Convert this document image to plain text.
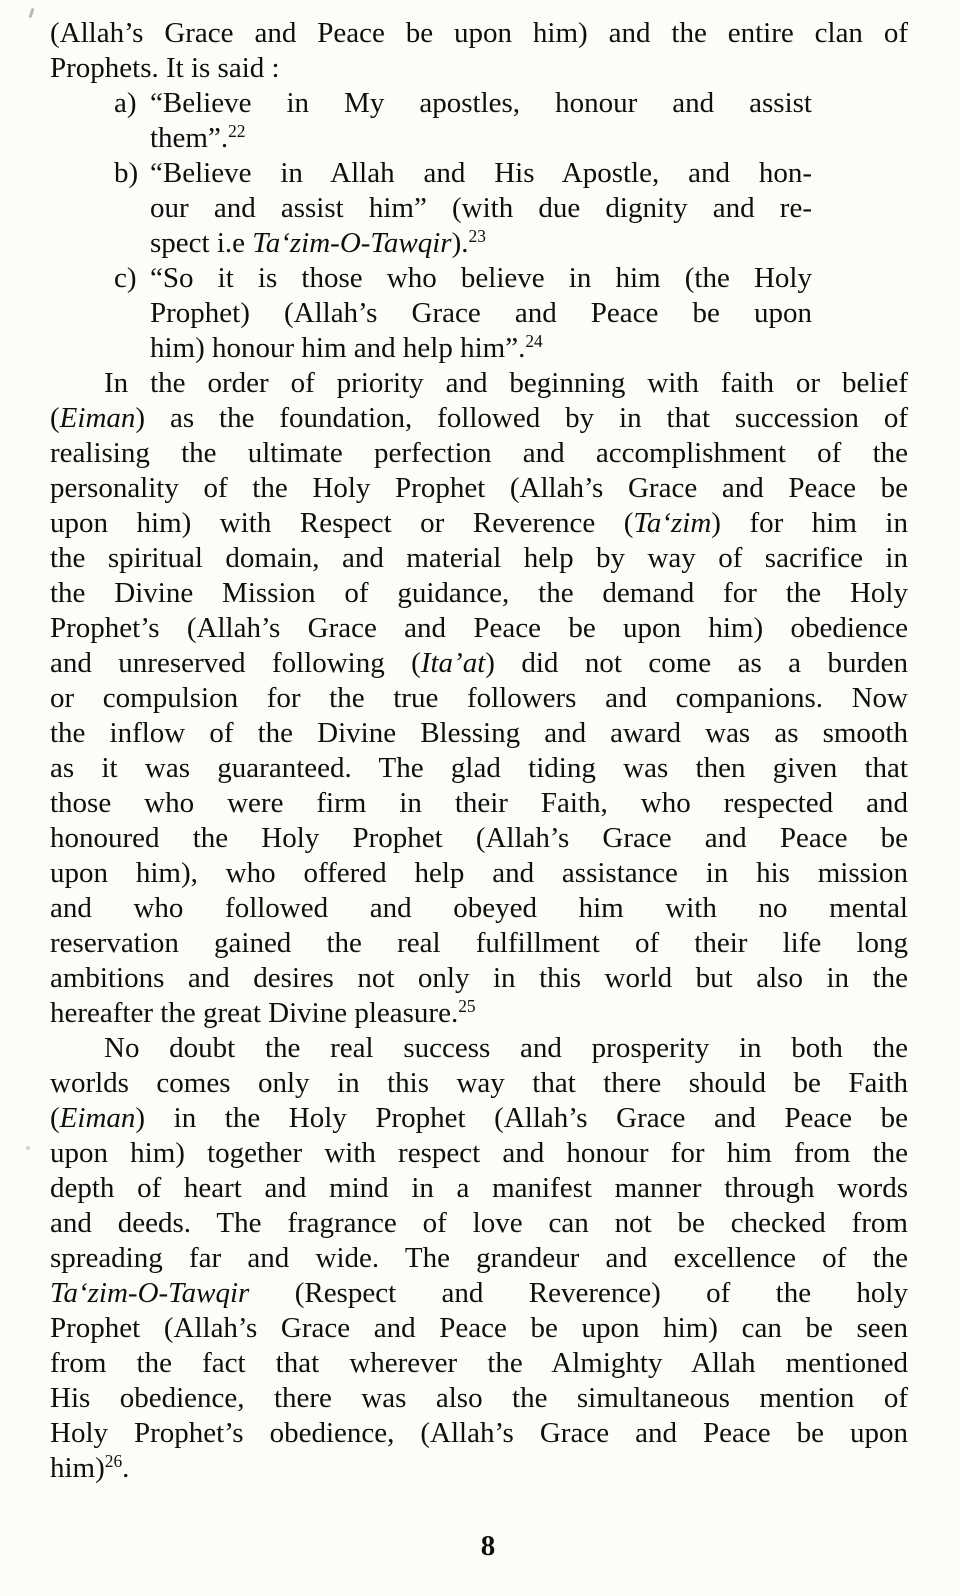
(Allah’s Grace and Peace be upon him) and the entire clan of
Prophets. It is said :
a) “Believe in My apostles, honour and assist
them”.$^{22}$
b) “Believe in Allah and His Apostle, and hon-
our and assist him” (with due dignity and re-
spect i.e Ta‘zim-O-Tawqir).$^{23}$
c) “So it is those who believe in him (the Holy
Prophet) (Allah’s Grace and Peace be upon
him) honour him and help him”.$^{24}$
In the order of priority and beginning with faith or belief
(Eiman) as the foundation, followed by in that succession of
realising the ultimate perfection and accomplishment of the
personality of the Holy Prophet (Allah’s Grace and Peace be
upon him) with Respect or Reverence (Ta‘zim) for him in
the spiritual domain, and material help by way of sacrifice in
the Divine Mission of guidance, the demand for the Holy
Prophet’s (Allah’s Grace and Peace be upon him) obedience
and unreserved following (Ita’at) did not come as a burden
or compulsion for the true followers and companions. Now
the inflow of the Divine Blessing and award was as smooth
as it was guaranteed. The glad tiding was then given that
those who were firm in their Faith, who respected and
honoured the Holy Prophet (Allah’s Grace and Peace be
upon him), who offered help and assistance in his mission
and who followed and obeyed him with no mental
reservation gained the real fulfillment of their life long
ambitions and desires not only in this world but also in the
hereafter the great Divine pleasure.$^{25}$
No doubt the real success and prosperity in both the
worlds comes only in this way that there should be Faith
(Eiman) in the Holy Prophet (Allah’s Grace and Peace be
upon him) together with respect and honour for him from the
depth of heart and mind in a manifest manner through words
and deeds. The fragrance of love can not be checked from
spreading far and wide. The grandeur and excellence of the
Ta‘zim-O-Tawqir (Respect and Reverence) of the holy
Prophet (Allah’s Grace and Peace be upon him) can be seen
from the fact that wherever the Almighty Allah mentioned
His obedience, there was also the simultaneous mention of
Holy Prophet’s obedience, (Allah’s Grace and Peace be upon
him)$^{26}$.
8
